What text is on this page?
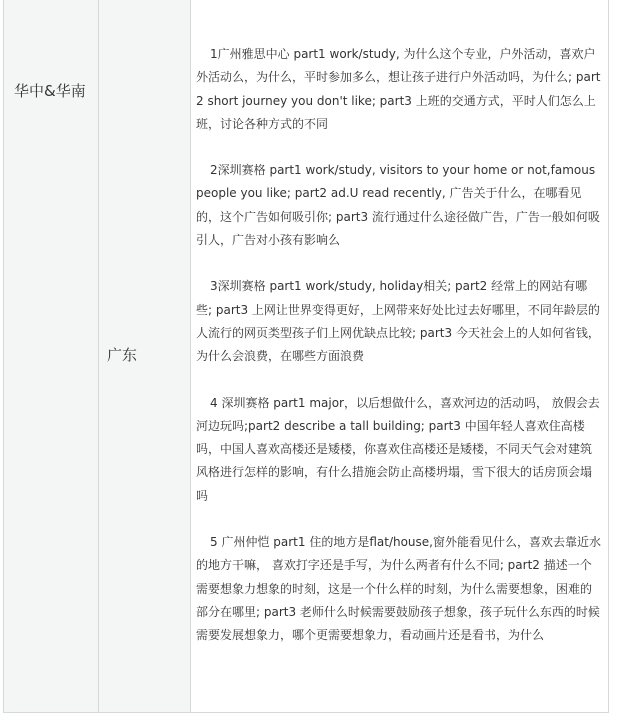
华中&华南
广东

1广州雅思中心 part1 work/study, 为什么这个专业，户外活动，喜欢户外活动么，为什么，平时参加多么，想让孩子进行户外活动吗，为什么; part2 short journey you don't like; part3 上班的交通方式，平时人们怎么上班，讨论各种方式的不同

2深圳赛格 part1 work/study, visitors to your home or not,famous people you like; part2 ad.U read recently, 广告关于什么，在哪看见的，这个广告如何吸引你; part3 流行通过什么途径做广告，广告一般如何吸引人，广告对小孩有影响么

3深圳赛格 part1 work/study, holiday相关; part2 经常上的网站有哪些; part3 上网让世界变得更好，上网带来好处比过去好哪里，不同年龄层的人流行的网页类型孩子们上网优缺点比较; part3 今天社会上的人如何省钱，为什么会浪费，在哪些方面浪费

4 深圳赛格 part1 major，以后想做什么，喜欢河边的活动吗， 放假会去河边玩吗;part2 describe a tall building; part3 中国年轻人喜欢住高楼吗，中国人喜欢高楼还是矮楼，你喜欢住高楼还是矮楼，不同天气会对建筑风格进行怎样的影响，有什么措施会防止高楼坍塌，雪下很大的话房顶会塌吗

5 广州仲恺 part1 住的地方是flat/house,窗外能看见什么，喜欢去靠近水的地方干嘛， 喜欢打字还是手写，为什么两者有什么不同; part2 描述一个需要想象力想象的时刻，这是一个什么样的时刻，为什么需要想象，困难的部分在哪里; part3 老师什么时候需要鼓励孩子想象，孩子玩什么东西的时候需要发展想象力，哪个更需要想象力，看动画片还是看书，为什么
